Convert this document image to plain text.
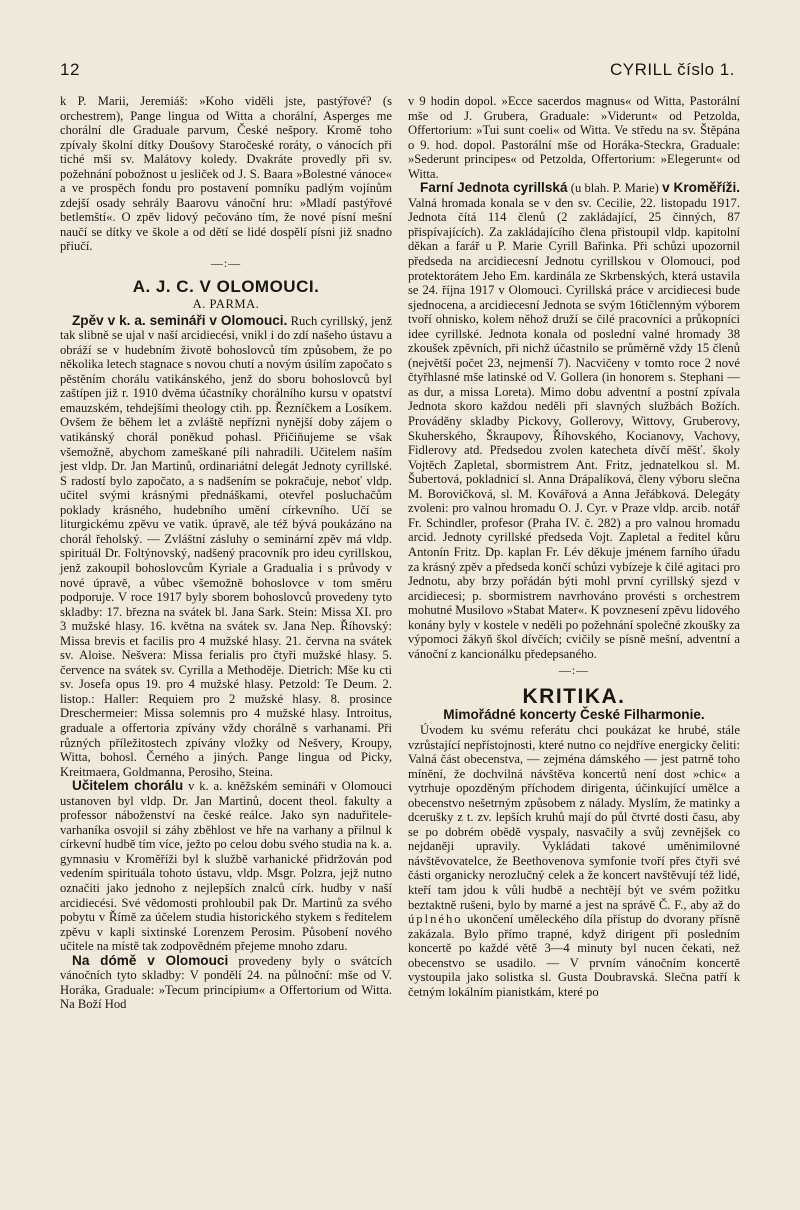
12	CYRILL číslo 1.

k P. Marii, Jeremiáš: »Koho viděli jste, pastýřové? (s orchestrem), Pange lingua od Witta a chorální, Asperges me chorální dle Graduale parvum, České nešpory. Kromě toho zpívaly školní dítky Doušovy Staročeské roráty, o vánocích při tiché mši sv. Malátovy koledy. Dvakráte provedly při sv. požehnání pobožnost u jesliček od J. S. Baara »Bolestné vánoce« a ve prospěch fondu pro postavení pomníku padlým vojínům zdejší osady sehrály Baarovu vánoční hru: »Mladí pastýřové betlemští«. O zpěv lidový pečováno tím, že nové písní mešní naučí se dítky ve škole a od dětí se lidé dospělí písni již snadno přiučí.

—:—
A. J. C. V OLOMOUCI.
A. PARMA.

Zpěv v k. a. semináři v Olomouci. Ruch cyrillský, jenž tak slibně se ujal v naší arcidiecési, vnikl i do zdí našeho ústavu a obráží se v hudebním životě bohoslovců tím způsobem, že po několika letech stagnace s novou chutí a novým úsilím započato s pěstěním chorálu vatikánského, jenž do sboru bohoslovců byl zaštípen již r. 1910 dvěma účastníky chorálního kursu v opatství emauzském, tehdejšími theology ctih. pp. Řezníčkem a Losíkem. Ovšem že během let a zvláště nepříznì nynější doby zájem o vatikánský chorál poněkud pohasl. Přičiňujeme se však všemožně, abychom zameškané píli nahradili. Učitelem naším jest vldp. Dr. Jan Martinů, ordinariátní delegát Jednoty cyrillské. S radostí bylo započato, a s nadšením se pokračuje, neboť vldp. učitel svými krásnými přednáškami, otevřel posluchačům poklady krásného, hudebního umění církevního. Učí se liturgickému zpěvu ve vatik. úpravě, ale též bývá poukázáno na chorál řeholský. — Zvláštní zásluhy o seminární zpěv má vldp. spirituál Dr. Foltýnovský, nadšený pracovník pro ideu cyrillskou, jenž zakoupil bohoslovcům Kyriale a Gradualia i s průvody v nové úpravě, a vůbec všemožně bohoslovce v tom směru podporuje. V roce 1917 byly sborem bohoslovců provedeny tyto skladby: 17. března na svátek bl. Jana Sark. Stein: Missa XI. pro 3 mužské hlasy. 16. května na svátek sv. Jana Nep. Říhovský: Missa brevis et facilis pro 4 mužské hlasy. 21. června na svátek sv. Aloise. Nešvera: Missa ferialis pro čtyři mužské hlasy. 5. července na svátek sv. Cyrilla a Methoděje. Dietrich: Mše ku cti sv. Josefa opus 19. pro 4 mužské hlasy. Petzold: Te Deum. 2. listop.: Haller: Requiem pro 2 mužské hlasy. 8. prosince Dreschermeier: Missa solemnis pro 4 mužské hlasy. Introitus, graduale a offertoria zpívány vždy chorálně s varhanami. Při různých příležitostech zpívány vložky od Nešvery, Kroupy, Witta, bohosl. Černého a jiných. Pange lingua od Picky, Kreitmaera, Goldmanna, Perosiho, Steina.

Učitelem chorálu v k. a. kněžském semináři v Olomouci ustanoven byl vldp. Dr. Jan Martinů, docent theol. fakulty a professor náboženství na české reálce. Jako syn naduřitele-varhaníka osvojil si záhy zběhlost ve hře na varhany a přilnul k církevní hudbě tím více, ježto po celou dobu svého studia na k. a. gymnasiu v Kroměříži byl k službě varhanické přidržován pod vedením spirituála tohoto ústavu, vldp. Msgr. Polzra, jejž nutno označiti jako jednoho z nejlepších znalců círk. hudby v naší arcidiecési. Své vědomosti prohloubil pak Dr. Martinů za svého pobytu v Římě za účelem studia historického stykem s ředitelem zpěvu v kapli sixtinské Lorenzem Perosim. Působení nového učitele na místě tak zodpovědném přejeme mnoho zdaru.

Na dómě v Olomouci provedeny byly o svátcích vánočních tyto skladby: V pondělí 24. na půlnoční: mše od V. Horáka, Graduale: »Tecum principium« a Offertorium od Witta. Na Boží Hod

v 9 hodin dopol. »Ecce sacerdos magnus« od Witta, Pastorální mše od J. Grubera, Graduale: »Viderunt« od Petzolda, Offertorium: »Tui sunt coeli« od Witta. Ve středu na sv. Štěpána o 9. hod. dopol. Pastorální mše od Horáka-Steckra, Graduale: »Sederunt principes« od Petzolda, Offertorium: »Elegerunt« od Witta.

Farní Jednota cyrillská (u blah. P. Marie) v Kroměříži. Valná hromada konala se v den sv. Cecilie, 22. listopadu 1917. Jednota čítá 114 členů (2 zakládající, 25 činných, 87 přispívajících). Za zakládajícího člena přistoupil vldp. kapitolní děkan a farář u P. Marie Cyrill Bařinka. Při schůzi upozornil předseda na arcidiecesní Jednotu cyrillskou v Olomouci, pod protektorátem Jeho Em. kardinála ze Skrbenských, která ustavila se 24. října 1917 v Olomouci. Cyrillská práce v arcidiecesi bude sjednocena, a arcidiecesní Jednota se svým 16tičlenným výborem tvoří ohnisko, kolem něhož druží se čilé pracovníci a průkopníci idee cyrillské. Jednota konala od poslední valné hromady 38 zkoušek zpěvních, při nichž účastnilo se průměrně vždy 15 členů (největší počet 23, nejmenší 7). Nacvičeny v tomto roce 2 nové čtyřhlasné mše latinské od V. Gollera (in honorem s. Stephani — as dur, a missa Loreta). Mimo dobu adventní a postní zpívala Jednota skoro každou neděli při slavných službách Božích. Prováděny skladby Pickovy, Gollerovy, Wittovy, Gruberovy, Skuherského, Škraupovy, Říhovského, Kocianovy, Vachovy, Fidlerovy atd. Předsedou zvolen katecheta dívčí měšť. školy Vojtěch Zapletal, sbormistrem Ant. Fritz, jednatelkou sl. M. Šubertová, pokladnicí sl. Anna Drápalíková, členy výboru slečna M. Borovičková, sl. M. Kovářová a Anna Jeřábková. Delegáty zvoleni: pro valnou hromadu O. J. Cyr. v Praze vldp. arcib. notář Fr. Schindler, profesor (Praha IV. č. 282) a pro valnou hromadu arcid. Jednoty cyrillské předseda Vojt. Zapletal a ředitel kůru Antonín Fritz. Dp. kaplan Fr. Lév děkuje jménem farního úřadu za krásný zpěv a předseda končí schůzi vybízeje k čilé agitaci pro Jednotu, aby brzy pořádán býti mohl první cyrillský sjezd v arcidiecesi; p. sbormistrem navrhováno provésti s orchestrem mohutné Musilovo »Stabat Mater«. K povznesení zpěvu lidového konány byly v kostele v neděli po požehnání společné zkoušky za výpomoci žákyň škol dívčích; cvičily se písně mešní, adventní a vánoční z kancionálku předepsaného.

—:—
KRITIKA.

Mimořádné koncerty České Filharmonie.

Úvodem ku svému referátu chci poukázat ke hrubé, stále vzrůstající nepřístojnosti, které nutno co nejdříve energicky čeliti: Valná část obecenstva, — zejména dámského — jest patrně toho mínění, že dochvilná návštěva koncertů není dost »chic« a vytrhuje opozděným příchodem dirigenta, účinkující umělce a obecenstvo nešetrným způsobem z nálady. Myslím, že matinky a dcerušky z t. zv. lepších kruhů mají do půl čtvrté dosti času, aby se po dobrém obědě vyspaly, nasvačily a svůj zevnějšek co nejdaněji upravily. Vykládati takové uměnimilovné návštěvovatelce, že Beethovenova symfonie tvoří přes čtyři své části organicky nerozlučný celek a že koncert navštěvují též lidé, kteří tam jdou k vůli hudbě a nechtějí být ve svém požitku beztaktně rušeni, bylo by marné a jest na správě Č. F., aby až do úplného ukončení uměleckého díla přístup do dvorany přísně zakázala. Bylo přímo trapné, když dirigent při posledním koncertě po každé větě 3—4 minuty byl nucen čekati, než obecenstvo se usadilo. — V prvním vánočním koncertě vystoupila jako solistka sl. Gusta Doubravská. Slečna patří k četným lokálním pianistkám, které po
